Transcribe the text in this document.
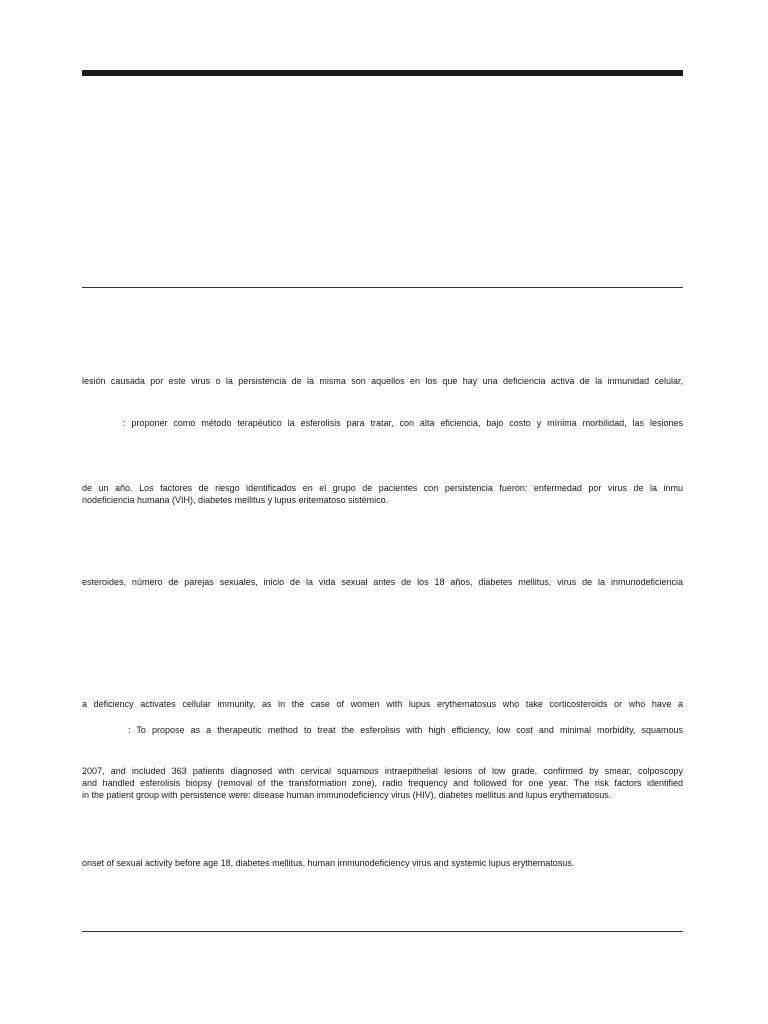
lesión causada por este virus o la persistencia de la misma son aquellos en los que hay una deficiencia activa de la inmunidad celular,
: proponer como método terapéutico la esferolisis para tratar, con alta eficiencia, bajo costo y mínima morbilidad, las lesiones

de un año. Los factores de riesgo identificados en el grupo de pacientes con persistencia fueron: enfermedad por virus de la inmu

nodeficiencia humana (VIH), diabetes mellitus y lupus eritematoso sistémico.

esteroides, número de parejas sexuales, inicio de la vida sexual antes de los 18 años, diabetes mellitus, virus de la inmunodeficiencia
a deficiency activates cellular immunity, as in the case of women with lupus erythematosus who take corticosteroids or who have a
: To propose as a therapeutic method to treat the esferolisis with high efficiency, low cost and minimal morbidity, squamous

2007, and included 363 patients diagnosed with cervical squamous intraepithelial lesions of low grade, confirmed by smear, colposcopy

and handled esferolisis biopsy (removal of the transformation zone), radio frequency and followed for one year. The risk factors identified

in the patient group with persistence were: disease human immunodeficiency virus (HIV), diabetes mellitus and lupus erythematosus.

onset of sexual activity before age 18, diabetes mellitus, human immunodeficiency virus and systemic lupus erythematosus.
